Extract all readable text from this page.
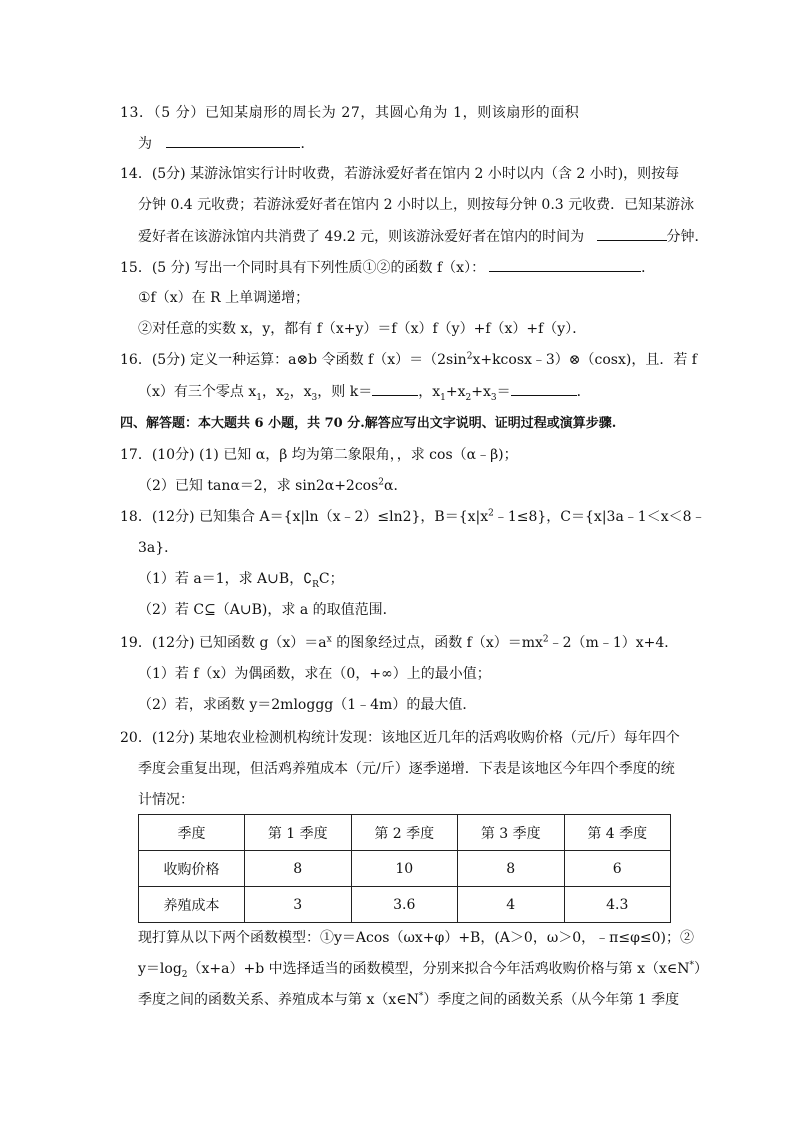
13．（5 分）已知某扇形的周长为 27，其圆心角为 1，则该扇形的面积
为	．
14．(5分) 某游泳馆实行计时收费，若游泳爱好者在馆内 2 小时以内（含 2 小时)，则按每
分钟 0.4 元收费；若游泳爱好者在馆内 2 小时以上，则按每分钟 0.3 元收费．已知某游泳
爱好者在该游泳馆内共消费了 49.2 元，则该游泳爱好者在馆内的时间为	分钟．
15．(5 分) 写出一个同时具有下列性质①②的函数 f（x）：	．
①f（x）在 R 上单调递增；
②对任意的实数 x，y，都有 f（x+y）＝f（x）f（y）+f（x）+f（y）．
16．(5分) 定义一种运算：a⊗b 令函数 $f(x)=(2\sin^2x+kcosx﹣3)\otimes(\cos x)$，且．若 f
（x）有三个零点 $x_1$，$x_2$，$x_3$，则 k＝	，$x_1+x_2+x_3=$	．
四、解答题：本大题共 6 小题，共 70 分.解答应写出文字说明、证明过程或演算步骤.
17．(10分) (1) 已知 α，β 均为第二象限角，，求 cos（α﹣β)；
（2）已知 tanα＝2，求 $\sin 2\alpha+2\cos^2\alpha$．
18．(12分) 已知集合 A＝{x|ln（x﹣2）≤ln2}，$B=\{x|x^2﹣1\le 8\}$，C＝{x|3a﹣1＜x＜8﹣
3a}．
（1）若 a＝1，求 A∪B，$∁_RC$；
（2）若 C⊆（A∪B)，求 a 的取值范围．
19．(12分) 已知函数 $g(x)=a^x$ 的图象经过点，函数 $f(x)=mx^2﹣2(m﹣1)x+4$．
（1）若 f（x）为偶函数，求在（0，+∞）上的最小值；
（2）若，求函数 y＝2mloggg（1﹣4m）的最大值．
20．(12分) 某地农业检测机构统计发现：该地区近几年的活鸡收购价格（元/斤）每年四个
季度会重复出现，但活鸡养殖成本（元/斤）逐季递增．下表是该地区今年四个季度的统
计情况：
季度	第 1 季度	第 2 季度	第 3 季度	第 4 季度
收购价格	8	10	8	6
养殖成本	3	3.6	4	4.3
现打算从以下两个函数模型：①y＝Acos（ωx+φ）+B，(A＞0，ω＞0，﹣π≤φ≤0)；②
$y=\log_2(x+a)+b$ 中选择适当的函数模型，分别来拟合今年活鸡收购价格与第 x（x∈N*）
季度之间的函数关系、养殖成本与第 x（x∈N*）季度之间的函数关系（从今年第 1 季度
